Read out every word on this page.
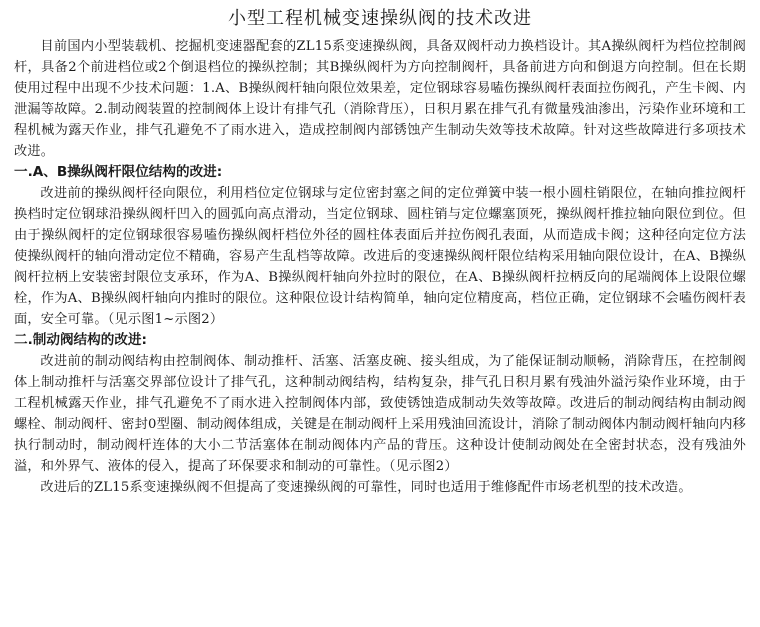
小型工程机械变速操纵阀的技术改进

目前国内小型装载机、挖掘机变速器配套的ZL15系变速操纵阀，具备双阀杆动力换档设计。其A操纵阀杆为档位控制阀杆，具备2个前进档位或2个倒退档位的操纵控制；其B操纵阀杆为方向控制阀杆，具备前进方向和倒退方向控制。但在长期使用过程中出现不少技术问题：1.A、B操纵阀杆轴向限位效果差，定位钢球容易嗑伤操纵阀杆表面拉伤阀孔，产生卡阀、内泄漏等故障。2.制动阀装置的控制阀体上设计有排气孔（消除背压），日积月累在排气孔有微量残油渗出，污染作业环境和工程机械为露天作业，排气孔避免不了雨水进入，造成控制阀内部锈蚀产生制动失效等技术故障。针对这些故障进行多项技术改进。

一.A、B操纵阀杆限位结构的改进:

改进前的操纵阀杆径向限位，利用档位定位钢球与定位密封塞之间的定位弹簧中装一根小圆柱销限位，在轴向推拉阀杆换档时定位钢球沿操纵阀杆凹入的圆弧向高点滑动，当定位钢球、圆柱销与定位螺塞顶死，操纵阀杆推拉轴向限位到位。但由于操纵阀杆的定位钢球很容易嗑伤操纵阀杆档位外径的圆柱体表面后并拉伤阀孔表面，从而造成卡阀；这种径向定位方法使操纵阀杆的轴向滑动定位不精确，容易产生乱档等故障。改进后的变速操纵阀杆限位结构采用轴向限位设计，在A、B操纵阀杆拉柄上安装密封限位支承环，作为A、B操纵阀杆轴向外拉时的限位，在A、B操纵阀杆拉柄反向的尾端阀体上设限位螺栓，作为A、B操纵阀杆轴向内推时的限位。这种限位设计结构简单，轴向定位精度高，档位正确，定位钢球不会嗑伤阀杆表面，安全可靠。（见示图1~示图2）

二.制动阀结构的改进:

改进前的制动阀结构由控制阀体、制动推杆、活塞、活塞皮碗、接头组成，为了能保证制动顺畅，消除背压，在控制阀体上制动推杆与活塞交界部位设计了排气孔，这种制动阀结构，结构复杂，排气孔日积月累有残油外溢污染作业环境，由于工程机械露天作业，排气孔避免不了雨水进入控制阀体内部，致使锈蚀造成制动失效等故障。改进后的制动阀结构由制动阀螺栓、制动阀杆、密封0型圈、制动阀体组成，关键是在制动阀杆上采用残油回流设计，消除了制动阀体内制动阀杆轴向内移执行制动时，制动阀杆连体的大小二节活塞体在制动阀体内产品的背压。这种设计使制动阀处在全密封状态，没有残油外溢，和外界气、液体的侵入，提高了环保要求和制动的可靠性。（见示图2）

改进后的ZL15系变速操纵阀不但提高了变速操纵阀的可靠性，同时也适用于维修配件市场老机型的技术改造。
